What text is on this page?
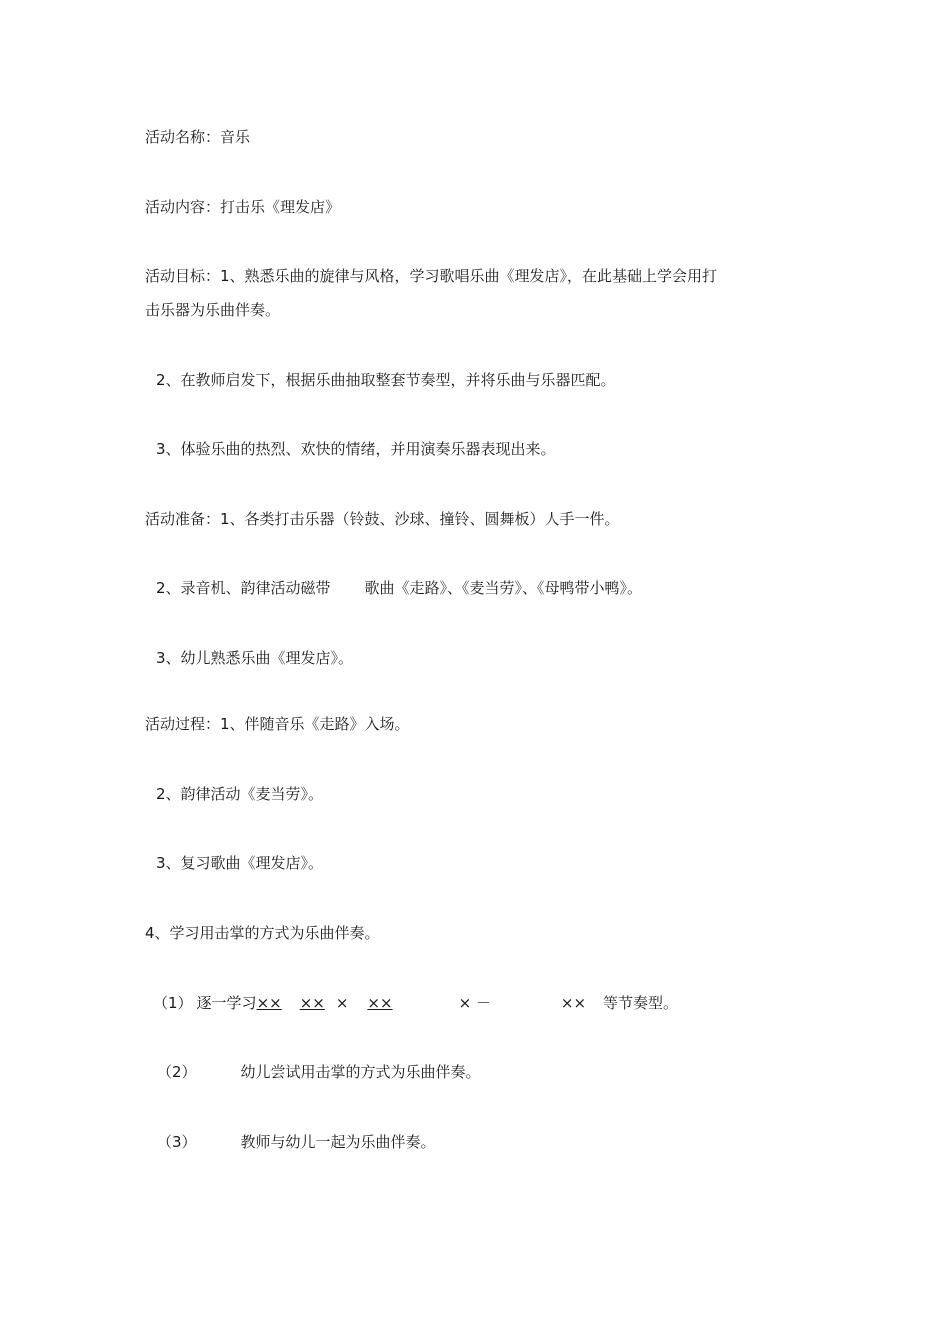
活动名称：音乐
活动内容：打击乐《理发店》
活动目标：1、熟悉乐曲的旋律与风格，学习歌唱乐曲《理发店》，在此基础上学会用打
击乐器为乐曲伴奏。
2、在教师启发下，根据乐曲抽取整套节奏型，并将乐曲与乐器匹配。
3、体验乐曲的热烈、欢快的情绪，并用演奏乐器表现出来。
活动准备：1、各类打击乐器（铃鼓、沙球、撞铃、圆舞板）人手一件。
2、录音机、韵律活动磁带 歌曲《走路》、《麦当劳》、《母鸭带小鸭》。
3、幼儿熟悉乐曲《理发店》。
活动过程：1、伴随音乐《走路》入场。
2、韵律活动《麦当劳》。
3、复习歌曲《理发店》。
4、学习用击掌的方式为乐曲伴奏。
（1） 逐一学习×× ×× × ××	× －	×× 等节奏型。
（2）	幼儿尝试用击掌的方式为乐曲伴奏。
（3）	教师与幼儿一起为乐曲伴奏。
